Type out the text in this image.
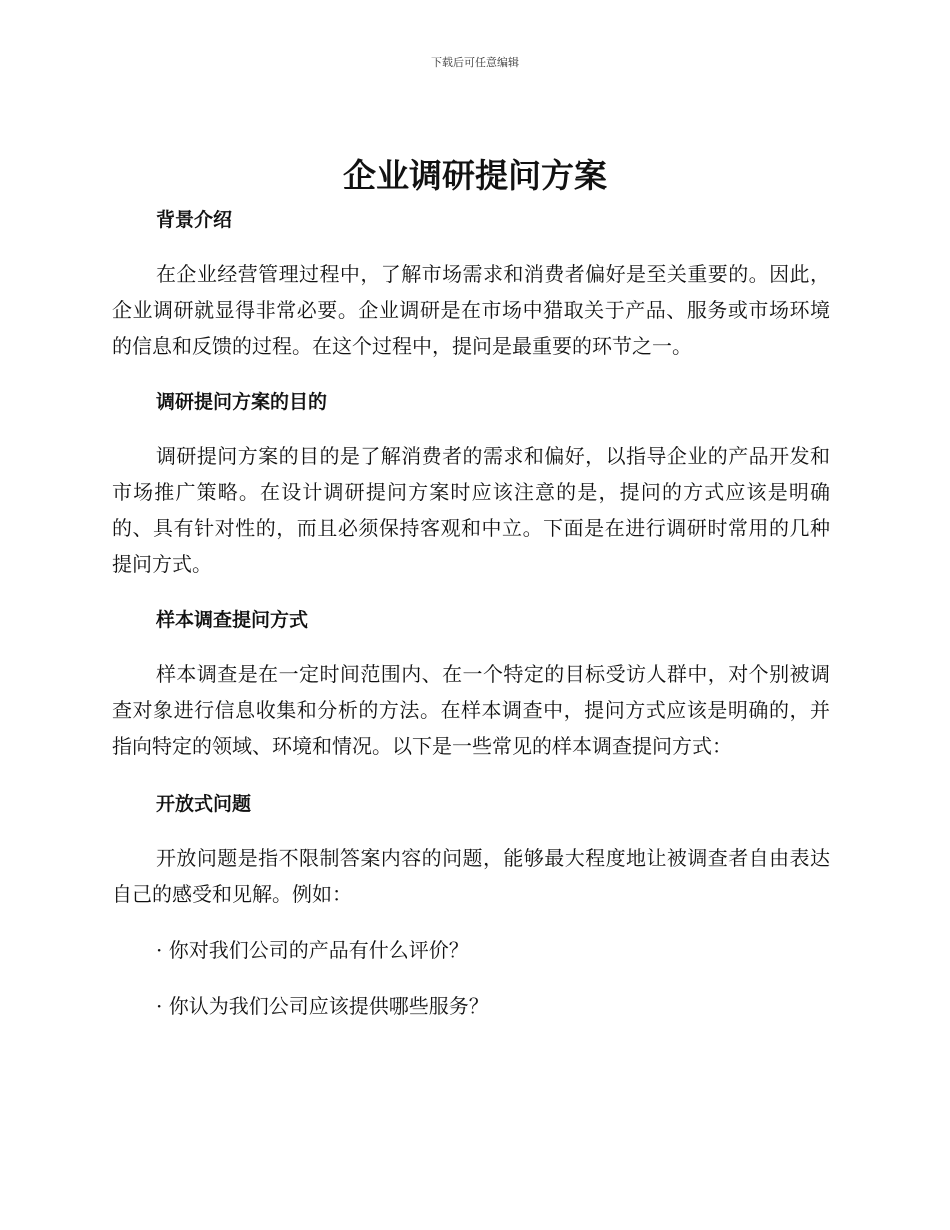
下载后可任意编辑
企业调研提问方案
背景介绍

在企业经营管理过程中，了解市场需求和消费者偏好是至关重要的。因此，企业调研就显得非常必要。企业调研是在市场中猎取关于产品、服务或市场环境的信息和反馈的过程。在这个过程中，提问是最重要的环节之一。

调研提问方案的目的

调研提问方案的目的是了解消费者的需求和偏好，以指导企业的产品开发和市场推广策略。在设计调研提问方案时应该注意的是，提问的方式应该是明确的、具有针对性的，而且必须保持客观和中立。下面是在进行调研时常用的几种提问方式。

样本调查提问方式

样本调查是在一定时间范围内、在一个特定的目标受访人群中，对个别被调查对象进行信息收集和分析的方法。在样本调查中，提问方式应该是明确的，并指向特定的领域、环境和情况。以下是一些常见的样本调查提问方式：

开放式问题

开放问题是指不限制答案内容的问题，能够最大程度地让被调查者自由表达自己的感受和见解。例如：

· 你对我们公司的产品有什么评价？

· 你认为我们公司应该提供哪些服务？
